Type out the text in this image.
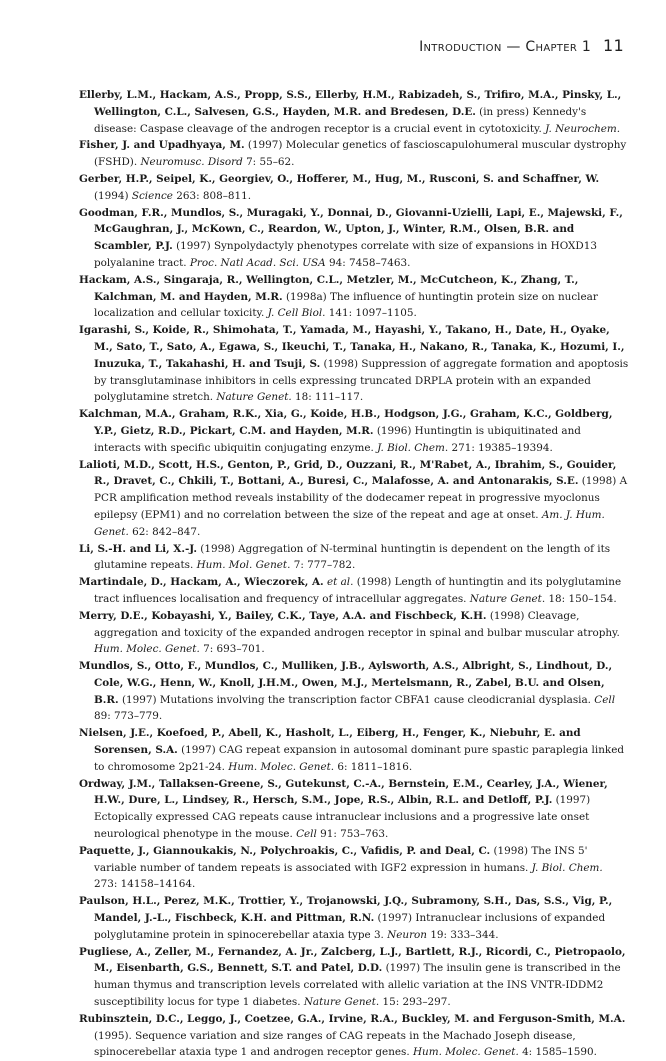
Introduction — Chapter 1 11

Ellerby, L.M., Hackam, A.S., Propp, S.S., Ellerby, H.M., Rabizadeh, S., Trifiro, M.A., Pinsky, L., Wellington, C.L., Salvesen, G.S., Hayden, M.R. and Bredesen, D.E. (in press) Kennedy's disease: Caspase cleavage of the androgen receptor is a crucial event in cytotoxicity. J. Neurochem.

Fisher, J. and Upadhyaya, M. (1997) Molecular genetics of fascioscapulohumeral muscular dystrophy (FSHD). Neuromusc. Disord 7: 55–62.

Gerber, H.P., Seipel, K., Georgiev, O., Hofferer, M., Hug, M., Rusconi, S. and Schaffner, W. (1994) Science 263: 808–811.

Goodman, F.R., Mundlos, S., Muragaki, Y., Donnai, D., Giovanni-Uzielli, Lapi, E., Majewski, F., McGaughran, J., McKown, C., Reardon, W., Upton, J., Winter, R.M., Olsen, B.R. and Scambler, P.J. (1997) Synpolydactyly phenotypes correlate with size of expansions in HOXD13 polyalanine tract. Proc. Natl Acad. Sci. USA 94: 7458–7463.

Hackam, A.S., Singaraja, R., Wellington, C.L., Metzler, M., McCutcheon, K., Zhang, T., Kalchman, M. and Hayden, M.R. (1998a) The influence of huntingtin protein size on nuclear localization and cellular toxicity. J. Cell Biol. 141: 1097–1105.

Igarashi, S., Koide, R., Shimohata, T., Yamada, M., Hayashi, Y., Takano, H., Date, H., Oyake, M., Sato, T., Sato, A., Egawa, S., Ikeuchi, T., Tanaka, H., Nakano, R., Tanaka, K., Hozumi, I., Inuzuka, T., Takahashi, H. and Tsuji, S. (1998) Suppression of aggregate formation and apoptosis by transglutaminase inhibitors in cells expressing truncated DRPLA protein with an expanded polyglutamine stretch. Nature Genet. 18: 111–117.

Kalchman, M.A., Graham, R.K., Xia, G., Koide, H.B., Hodgson, J.G., Graham, K.C., Goldberg, Y.P., Gietz, R.D., Pickart, C.M. and Hayden, M.R. (1996) Huntingtin is ubiquitinated and interacts with specific ubiquitin conjugating enzyme. J. Biol. Chem. 271: 19385–19394.

Lalioti, M.D., Scott, H.S., Genton, P., Grid, D., Ouzzani, R., M'Rabet, A., Ibrahim, S., Gouider, R., Dravet, C., Chkili, T., Bottani, A., Buresi, C., Malafosse, A. and Antonarakis, S.E. (1998) A PCR amplification method reveals instability of the dodecamer repeat in progressive myoclonus epilepsy (EPM1) and no correlation between the size of the repeat and age at onset. Am. J. Hum. Genet. 62: 842–847.

Li, S.-H. and Li, X.-J. (1998) Aggregation of N-terminal huntingtin is dependent on the length of its glutamine repeats. Hum. Mol. Genet. 7: 777–782.

Martindale, D., Hackam, A., Wieczorek, A. et al. (1998) Length of huntingtin and its polyglutamine tract influences localisation and frequency of intracellular aggregates. Nature Genet. 18: 150–154.

Merry, D.E., Kobayashi, Y., Bailey, C.K., Taye, A.A. and Fischbeck, K.H. (1998) Cleavage, aggregation and toxicity of the expanded androgen receptor in spinal and bulbar muscular atrophy. Hum. Molec. Genet. 7: 693–701.

Mundlos, S., Otto, F., Mundlos, C., Mulliken, J.B., Aylsworth, A.S., Albright, S., Lindhout, D., Cole, W.G., Henn, W., Knoll, J.H.M., Owen, M.J., Mertelsmann, R., Zabel, B.U. and Olsen, B.R. (1997) Mutations involving the transcription factor CBFA1 cause cleodicranial dysplasia. Cell 89: 773–779.

Nielsen, J.E., Koefoed, P., Abell, K., Hasholt, L., Eiberg, H., Fenger, K., Niebuhr, E. and Sorensen, S.A. (1997) CAG repeat expansion in autosomal dominant pure spastic paraplegia linked to chromosome 2p21-24. Hum. Molec. Genet. 6: 1811–1816.

Ordway, J.M., Tallaksen-Greene, S., Gutekunst, C.-A., Bernstein, E.M., Cearley, J.A., Wiener, H.W., Dure, L., Lindsey, R., Hersch, S.M., Jope, R.S., Albin, R.L. and Detloff, P.J. (1997) Ectopically expressed CAG repeats cause intranuclear inclusions and a progressive late onset neurological phenotype in the mouse. Cell 91: 753–763.

Paquette, J., Giannoukakis, N., Polychroakis, C., Vafidis, P. and Deal, C. (1998) The INS 5' variable number of tandem repeats is associated with IGF2 expression in humans. J. Biol. Chem. 273: 14158–14164.

Paulson, H.L., Perez, M.K., Trottier, Y., Trojanowski, J.Q., Subramony, S.H., Das, S.S., Vig, P., Mandel, J.-L., Fischbeck, K.H. and Pittman, R.N. (1997) Intranuclear inclusions of expanded polyglutamine protein in spinocerebellar ataxia type 3. Neuron 19: 333–344.

Pugliese, A., Zeller, M., Fernandez, A. Jr., Zalcberg, L.J., Bartlett, R.J., Ricordi, C., Pietropaolo, M., Eisenbarth, G.S., Bennett, S.T. and Patel, D.D. (1997) The insulin gene is transcribed in the human thymus and transcription levels correlated with allelic variation at the INS VNTR-IDDM2 susceptibility locus for type 1 diabetes. Nature Genet. 15: 293–297.

Rubinsztein, D.C., Leggo, J., Coetzee, G.A., Irvine, R.A., Buckley, M. and Ferguson-Smith, M.A. (1995). Sequence variation and size ranges of CAG repeats in the Machado Joseph disease, spinocerebellar ataxia type 1 and androgen receptor genes. Hum. Molec. Genet. 4: 1585–1590.
